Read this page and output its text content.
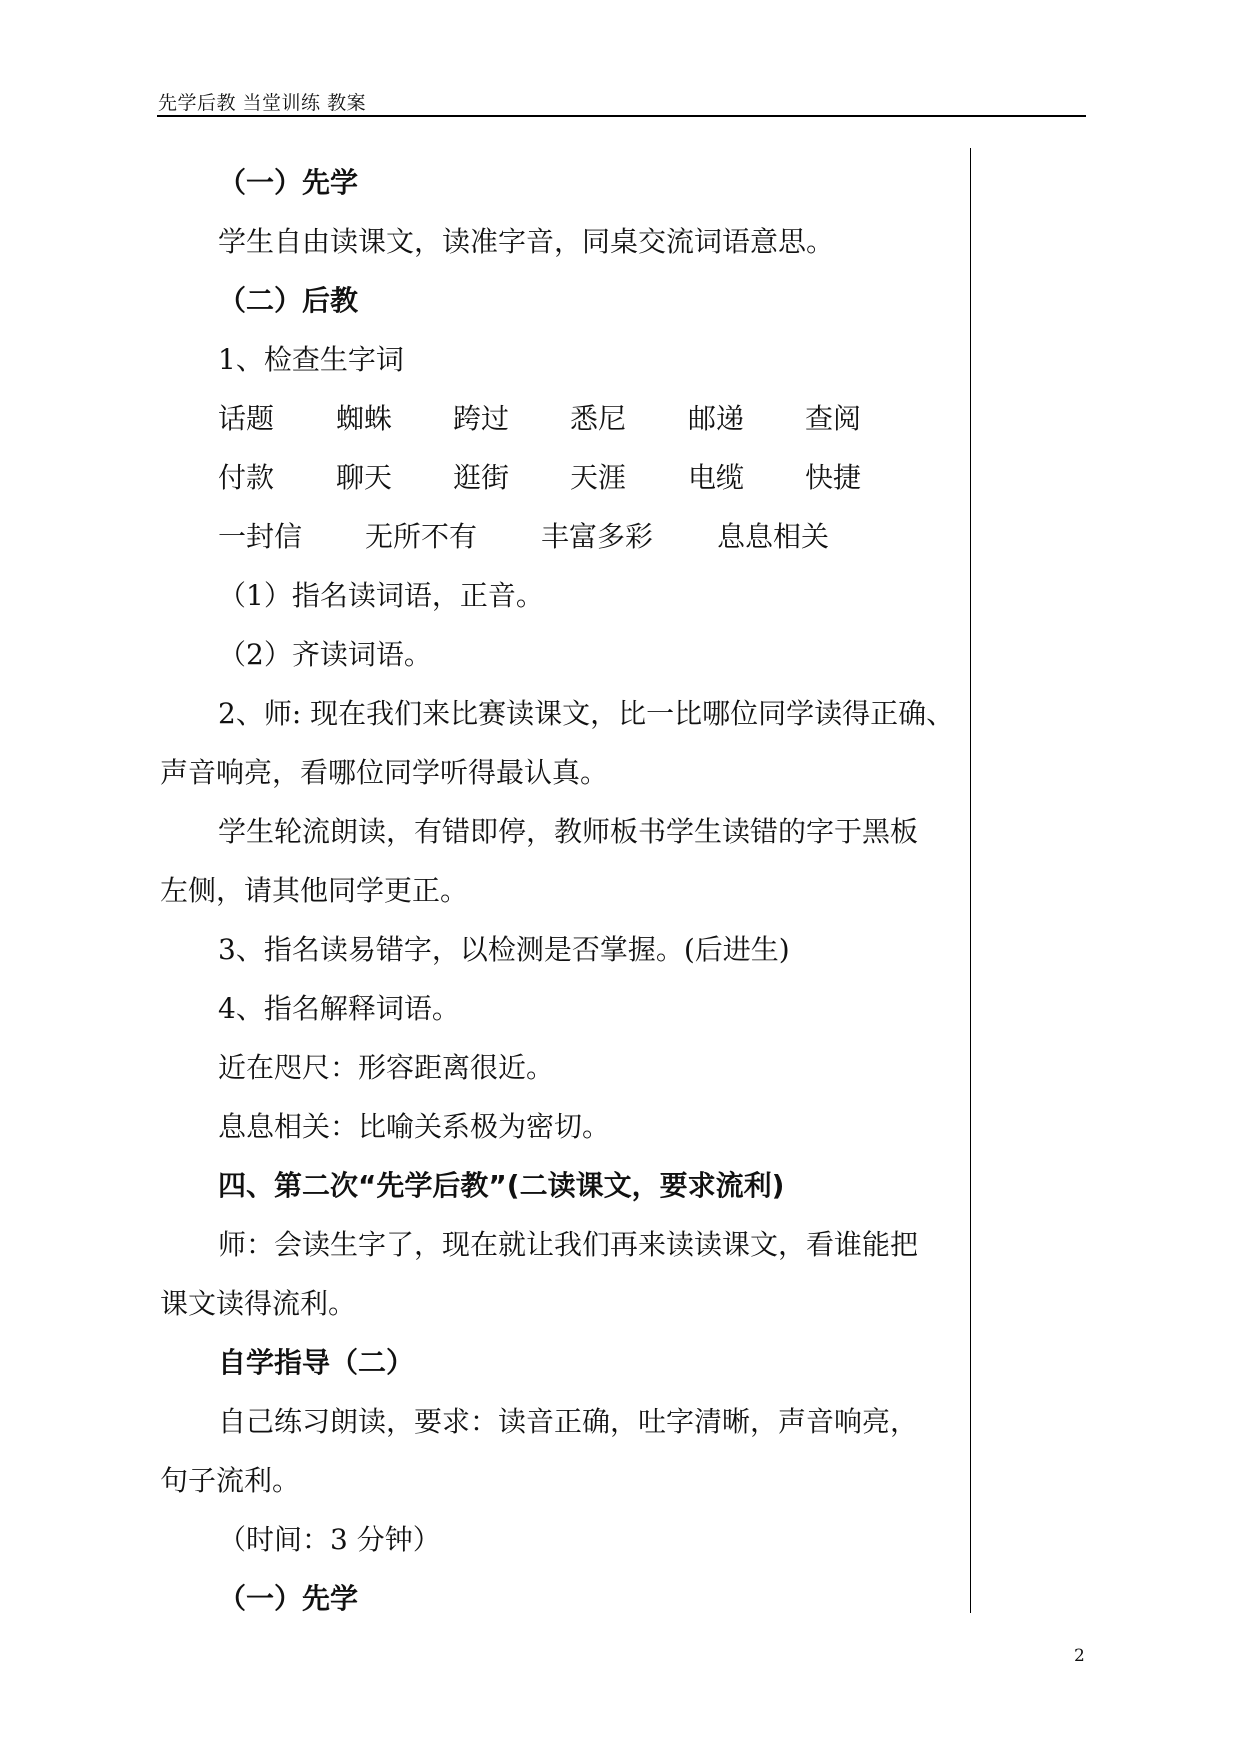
先学后教 当堂训练 教案
（一）先学
学生自由读课文，读准字音，同桌交流词语意思。
（二）后教
1、检查生字词
话题 蜘蛛 跨过 悉尼 邮递 查阅
付款 聊天 逛街 天涯 电缆 快捷
一封信 无所不有 丰富多彩 息息相关
（1）指名读词语，正音。
（2）齐读词语。
2、师: 现在我们来比赛读课文，比一比哪位同学读得正确、
声音响亮，看哪位同学听得最认真。
学生轮流朗读，有错即停，教师板书学生读错的字于黑板
左侧，请其他同学更正。
3、指名读易错字，以检测是否掌握。(后进生)
4、指名解释词语。
近在咫尺：形容距离很近。
息息相关：比喻关系极为密切。
四、第二次“先学后教”(二读课文，要求流利)
师：会读生字了，现在就让我们再来读读课文，看谁能把
课文读得流利。
自学指导（二）
自己练习朗读，要求：读音正确，吐字清晰，声音响亮，
句子流利。
（时间：3 分钟）
（一）先学
2
